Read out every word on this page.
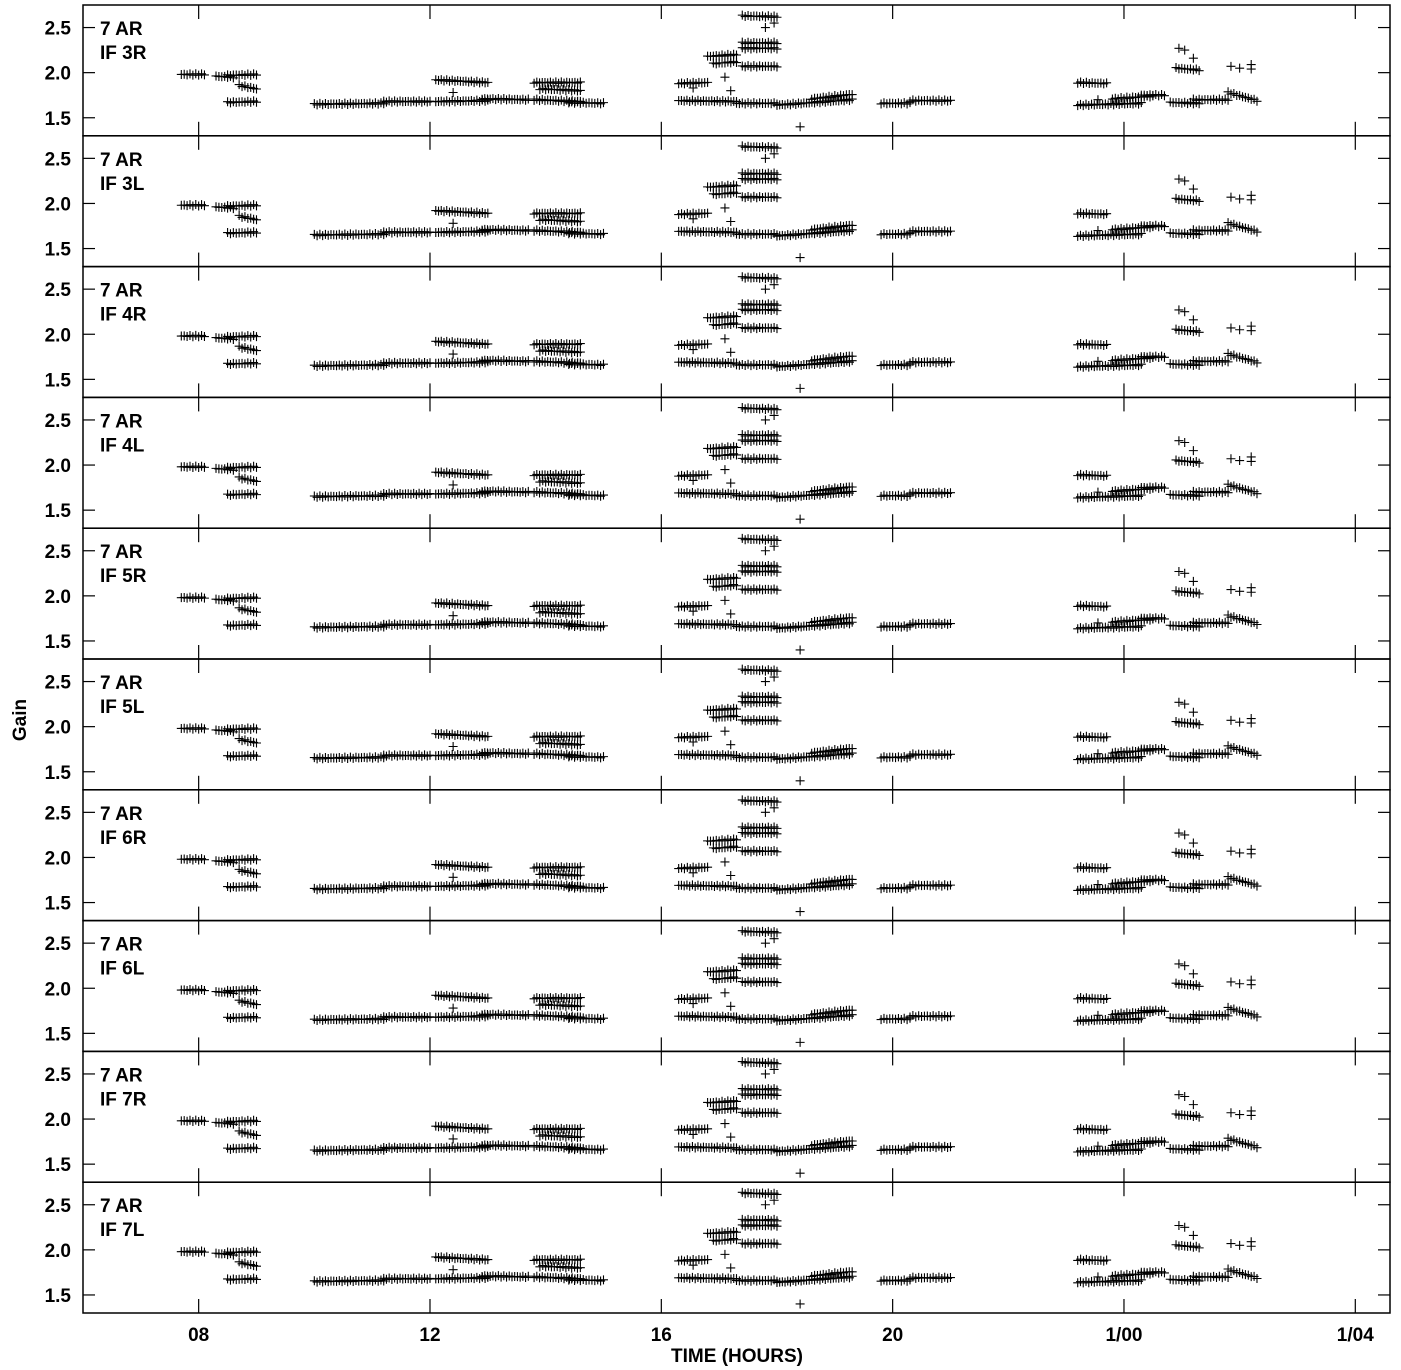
1.5
2.0
2.5 7 AR
IF 3R
1.5
2.0
2.5 7 AR
IF 3L
1.5
2.0
2.5 7 AR
IF 4R
1.5
2.0
2.5 7 AR
IF 4L
1.5
2.0
2.5 7 AR
IF 5R
1.5
2.0
2.5 7 AR
IF 5L
1.5
2.0
2.5 7 AR
IF 6R
1.5
2.0
2.5 7 AR
IF 6L
1.5
2.0
2.5 7 AR
IF 7R
1.5
2.0
2.5 7 AR
IF 7L
08	12	16	20	1/00	1/04
TIME (HOURS)
Gain
